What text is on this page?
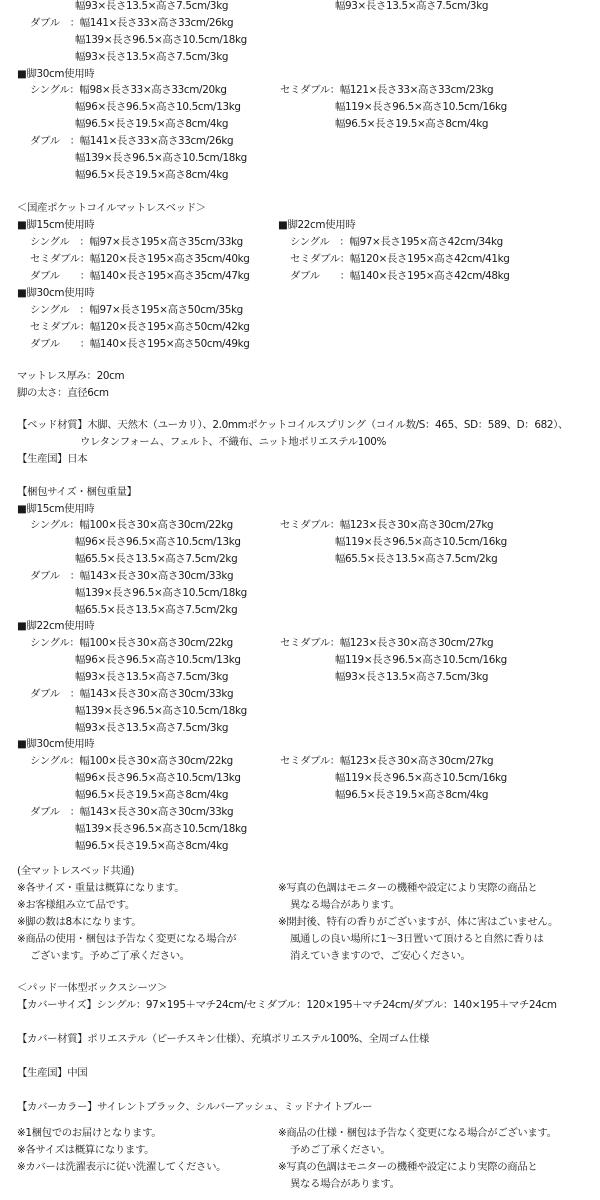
幅93×長さ13.5×高さ7.5cm/3kg	幅93×長さ13.5×高さ7.5cm/3kg
ダブル　：幅141×長さ33×高さ33cm/26kg
幅139×長さ96.5×高さ10.5cm/18kg
幅93×長さ13.5×高さ7.5cm/3kg
■脚30cm使用時
シングル：幅98×長さ33×高さ33cm/20kg	セミダブル：幅121×長さ33×高さ33cm/23kg
幅96×長さ96.5×高さ10.5cm/13kg	幅119×長さ96.5×高さ10.5cm/16kg
幅96.5×長さ19.5×高さ8cm/4kg	幅96.5×長さ19.5×高さ8cm/4kg
ダブル　：幅141×長さ33×高さ33cm/26kg
幅139×長さ96.5×高さ10.5cm/18kg
幅96.5×長さ19.5×高さ8cm/4kg
＜国産ポケットコイルマットレスベッド＞
■脚15cm使用時	■脚22cm使用時
シングル　：幅97×長さ195×高さ35cm/33kg	シングル　：幅97×長さ195×高さ42cm/34kg
セミダブル：幅120×長さ195×高さ35cm/40kg	セミダブル：幅120×長さ195×高さ42cm/41kg
ダブル　　：幅140×長さ195×高さ35cm/47kg	ダブル　　：幅140×長さ195×高さ42cm/48kg
■脚30cm使用時
シングル　：幅97×長さ195×高さ50cm/35kg
セミダブル：幅120×長さ195×高さ50cm/42kg
ダブル　　：幅140×長さ195×高さ50cm/49kg
マットレス厚み：20cm
脚の太さ：直径6cm
【ベッド材質】木脚、天然木（ユーカリ）、2.0mmポケットコイルスプリング（コイル数/S：465、SD：589、D：682）、
ウレタンフォーム、フェルト、不織布、ニット地ポリエステル100%
【生産国】日本
【梱包サイズ・梱包重量】
■脚15cm使用時
シングル：幅100×長さ30×高さ30cm/22kg	セミダブル：幅123×長さ30×高さ30cm/27kg
幅96×長さ96.5×高さ10.5cm/13kg	幅119×長さ96.5×高さ10.5cm/16kg
幅65.5×長さ13.5×高さ7.5cm/2kg	幅65.5×長さ13.5×高さ7.5cm/2kg
ダブル　：幅143×長さ30×高さ30cm/33kg
幅139×長さ96.5×高さ10.5cm/18kg
幅65.5×長さ13.5×高さ7.5cm/2kg
■脚22cm使用時
シングル：幅100×長さ30×高さ30cm/22kg	セミダブル：幅123×長さ30×高さ30cm/27kg
幅96×長さ96.5×高さ10.5cm/13kg	幅119×長さ96.5×高さ10.5cm/16kg
幅93×長さ13.5×高さ7.5cm/3kg	幅93×長さ13.5×高さ7.5cm/3kg
ダブル　：幅143×長さ30×高さ30cm/33kg
幅139×長さ96.5×高さ10.5cm/18kg
幅93×長さ13.5×高さ7.5cm/3kg
■脚30cm使用時
シングル：幅100×長さ30×高さ30cm/22kg	セミダブル：幅123×長さ30×高さ30cm/27kg
幅96×長さ96.5×高さ10.5cm/13kg	幅119×長さ96.5×高さ10.5cm/16kg
幅96.5×長さ19.5×高さ8cm/4kg	幅96.5×長さ19.5×高さ8cm/4kg
ダブル　：幅143×長さ30×高さ30cm/33kg
幅139×長さ96.5×高さ10.5cm/18kg
幅96.5×長さ19.5×高さ8cm/4kg
(全マットレスベッド共通)
※各サイズ・重量は概算になります。	※写真の色調はモニターの機種や設定により実際の商品と
※お客様組み立て品です。	異なる場合があります。
※脚の数は8本になります。	※開封後、特有の香りがございますが、体に害はごいません。
※商品の使用・梱包は予告なく変更になる場合が	風通しの良い場所に1～3日置いて頂けると自然に香りは
ございます。予めご了承ください。	消えていきますので、ご安心ください。
＜パッド一体型ボックスシーツ＞
【カバーサイズ】シングル：97×195＋マチ24cm/セミダブル：120×195＋マチ24cm/ダブル：140×195＋マチ24cm
【カバー材質】ポリエステル（ピーチスキン仕様）、充填ポリエステル100%、全周ゴム仕様
【生産国】中国
【カバーカラー】サイレントブラック、シルバーアッシュ、ミッドナイトブルー
※1梱包でのお届けとなります。	※商品の仕様・梱包は予告なく変更になる場合がございます。
※各サイズは概算になります。	予めご了承ください。
※カバーは洗濯表示に従い洗濯してください。	※写真の色調はモニターの機種や設定により実際の商品と
異なる場合があります。
